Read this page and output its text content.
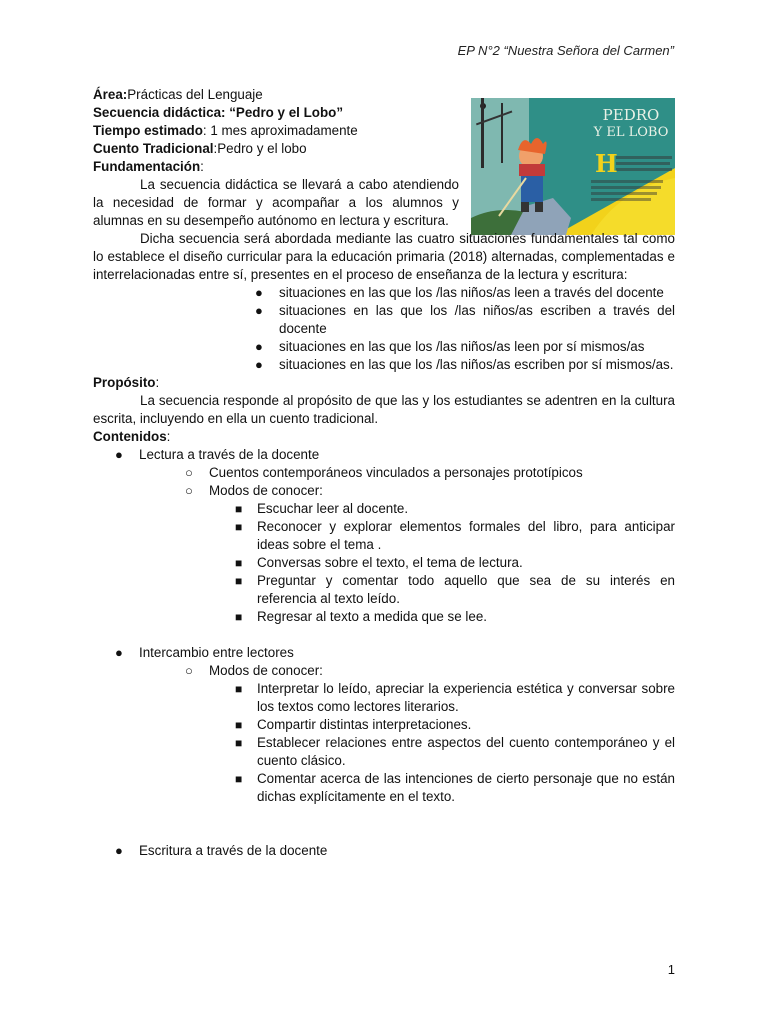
EP N°2 “Nuestra Señora del Carmen”
PEDRO
Y EL LOBO
H

Área:Prácticas del Lenguaje

Secuencia didáctica: “Pedro y el Lobo”

Tiempo estimado: 1 mes aproximadamente

Cuento Tradicional:Pedro y el lobo

Fundamentación:

La secuencia didáctica se llevará a cabo atendiendo la necesidad de formar y acompañar a los alumnos y alumnas en su desempeño autónomo en lectura y escritura.

Dicha secuencia será abordada mediante las cuatro situaciones fundamentales tal como lo establece el diseño curricular para la educación primaria (2018) alternadas, complementadas e interrelacionadas entre sí, presentes en el proceso de enseñanza de la lectura y escritura:

● situaciones en las que los /las niños/as leen a través del docente
● situaciones en las que los /las niños/as escriben a través del docente
● situaciones en las que los /las niños/as leen por sí mismos/as
● situaciones en las que los /las niños/as escriben por sí mismos/as.

Propósito:

La secuencia responde al propósito de que las y los estudiantes se adentren en la cultura escrita, incluyendo en ella un cuento tradicional.

Contenidos:

● Lectura a través de la docente
○ Cuentos contemporáneos vinculados a personajes prototípicos
○ Modos de conocer:
■ Escuchar leer al docente.
■ Reconocer y explorar elementos formales del libro, para anticipar ideas sobre el tema .
■ Conversas sobre el texto, el tema de lectura.
■ Preguntar y comentar todo aquello que sea de su interés en referencia al texto leído.
■ Regresar al texto a medida que se lee.
● Intercambio entre lectores
○ Modos de conocer:
■ Interpretar lo leído, apreciar la experiencia estética y conversar sobre los textos como lectores literarios.
■ Compartir distintas interpretaciones.
■ Establecer relaciones entre aspectos del cuento contemporáneo y el cuento clásico.
■ Comentar acerca de las intenciones de cierto personaje que no están dichas explícitamente en el texto.
● Escritura a través de la docente
1
